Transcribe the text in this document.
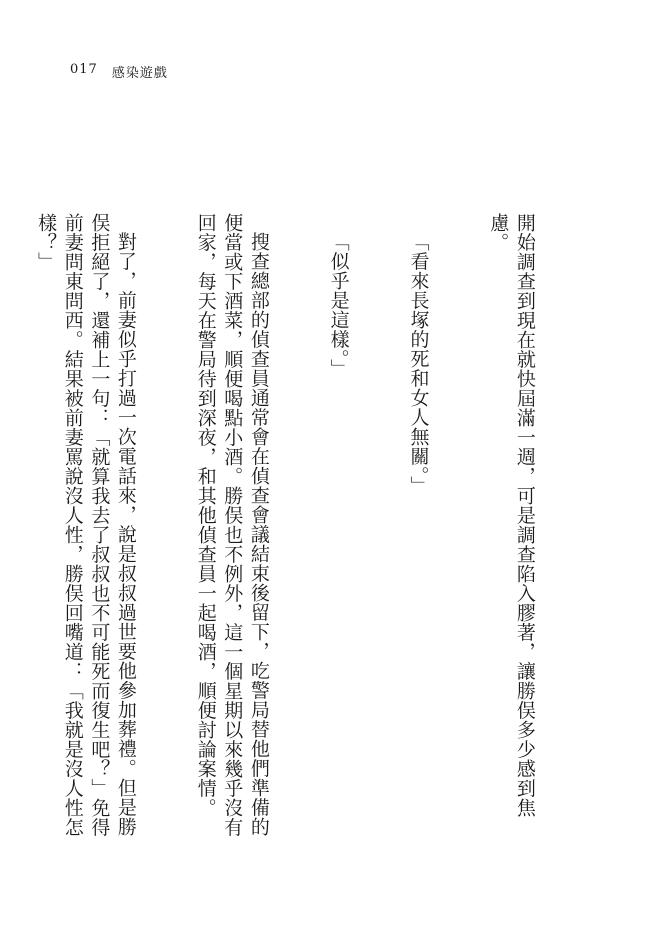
017 感染遊戲

開始調查到現在就快屆滿一週，可是調查陷入膠著，讓勝俣多少感到焦慮。

「看來長塚的死和女人無關。」

「似乎是這樣。」

搜查總部的偵查員通常會在偵查會議結束後留下，吃警局替他們準備的便當或下酒菜，順便喝點小酒。勝俣也不例外，這一個星期以來幾乎沒有回家，每天在警局待到深夜，和其他偵查員一起喝酒，順便討論案情。

對了，前妻似乎打過一次電話來，說是叔叔過世要他參加葬禮。但是勝俣拒絕了，還補上一句：「就算我去了叔叔也不可能死而復生吧？」免得前妻問東問西。結果被前妻罵說沒人性，勝俣回嘴道：「我就是沒人性怎樣？」
